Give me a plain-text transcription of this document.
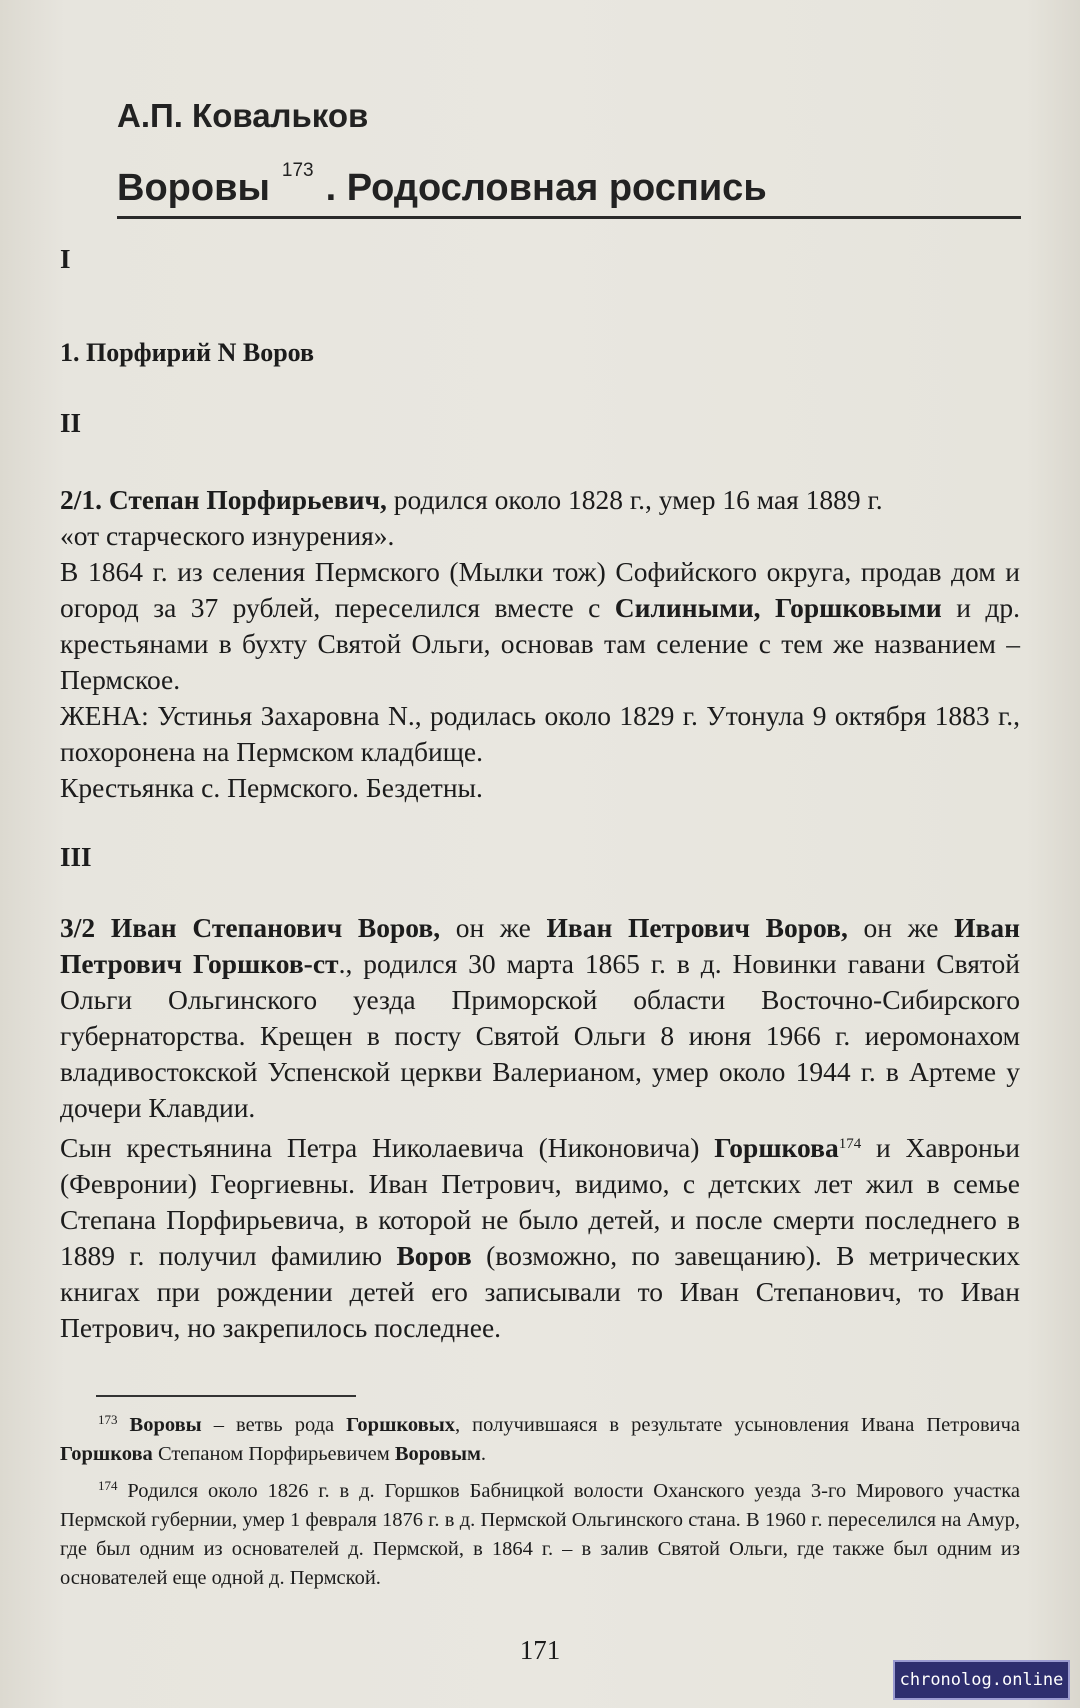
А.П. Ковальков
Воровы $^{173}$ . Родословная роспись
I
1. Порфирий N Воров
II

2/1. Степан Порфирьевич, родился около 1828 г., умер 16 мая 1889 г.

«от старческого изнурения».

В 1864 г. из селения Пермского (Мылки тож) Софийского округа, продав дом и огород за 37 рублей, переселился вместе с Силиными, Горшковыми и др. крестьянами в бухту Святой Ольги, основав там селение с тем же названием – Пермское.

ЖЕНА: Устинья Захаровна N., родилась около 1829 г. Утонула 9 октября 1883 г., похоронена на Пермском кладбище.

Крестьянка с. Пермского. Бездетны.

III

3/2 Иван Степанович Воров, он же Иван Петрович Воров, он же Иван Петрович Горшков-ст., родился 30 марта 1865 г. в д. Новинки гавани Святой Ольги Ольгинского уезда Приморской области Восточно-Сибирского губернаторства. Крещен в посту Святой Ольги 8 июня 1966 г. иеромонахом владивостокской Успенской церкви Валерианом, умер около 1944 г. в Артеме у дочери Клавдии.

Сын крестьянина Петра Николаевича (Никоновича) Горшкова$^{174}$ и Хавроньи (Февронии) Георгиевны. Иван Петрович, видимо, с детских лет жил в семье Степана Порфирьевича, в которой не было детей, и после смерти последнего в 1889 г. получил фамилию Воров (возможно, по завещанию). В метрических книгах при рождении детей его записывали то Иван Степанович, то Иван Петрович, но закрепилось последнее.

$^{173}$ Воровы – ветвь рода Горшковых, получившаяся в результате усыновления Ивана Петровича Горшкова Степаном Порфирьевичем Воровым.

$^{174}$ Родился около 1826 г. в д. Горшков Бабницкой волости Оханского уезда 3-го Мирового участка Пермской губернии, умер 1 февраля 1876 г. в д. Пермской Ольгинского стана. В 1960 г. переселился на Амур, где был одним из основателей д. Пермской, в 1864 г. – в залив Святой Ольги, где также был одним из основателей еще одной д. Пермской.

171
chronolog.online
